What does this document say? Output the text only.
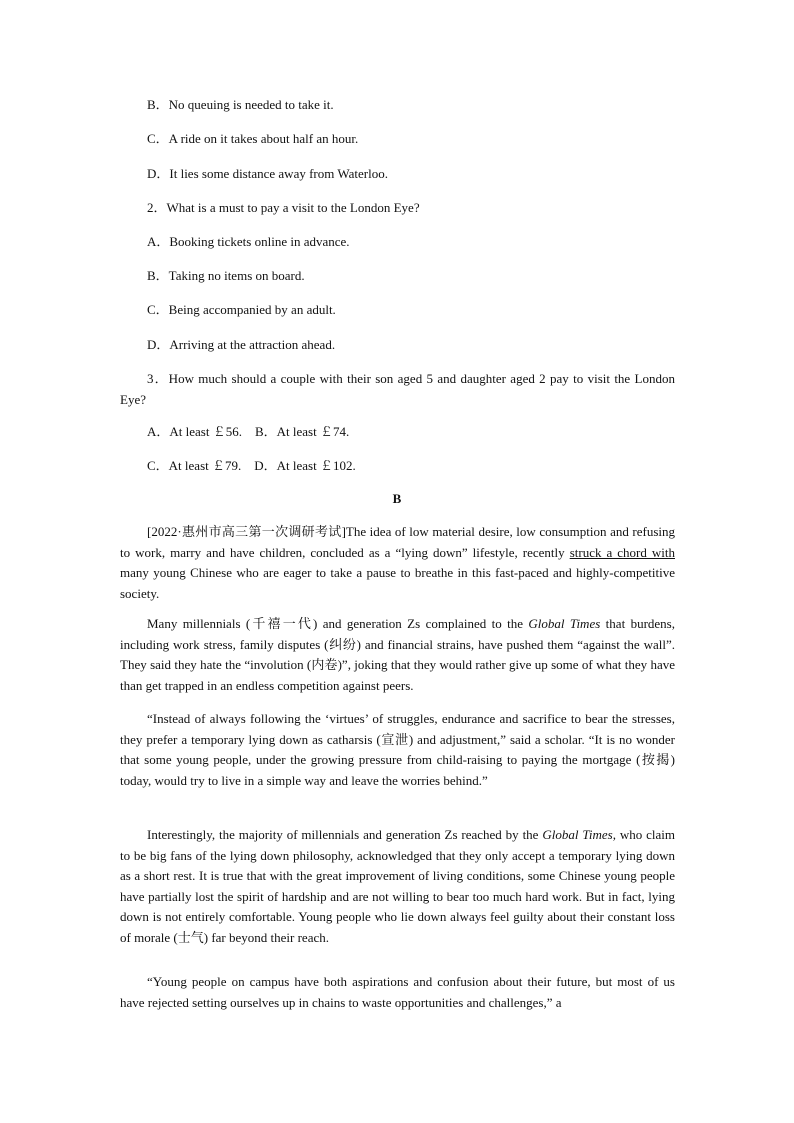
B．No queuing is needed to take it.
C．A ride on it takes about half an hour.
D．It lies some distance away from Waterloo.
2．What is a must to pay a visit to the London Eye?
A．Booking tickets online in advance.
B．Taking no items on board.
C．Being accompanied by an adult.
D．Arriving at the attraction ahead.
3．How much should a couple with their son aged 5 and daughter aged 2 pay to visit the London Eye?
A．At least ￡56.　B．At least ￡74.
C．At least ￡79.　D．At least ￡102.
B
[2022·惠州市高三第一次调研考试]The idea of low material desire, low consumption and refusing to work, marry and have children, concluded as a “lying down” lifestyle, recently struck a chord with many young Chinese who are eager to take a pause to breathe in this fast-paced and highly-competitive society.
Many millennials (千禧一代) and generation Zs complained to the Global Times that burdens, including work stress, family disputes (纠纷) and financial strains, have pushed them “against the wall”. They said they hate the “involution (内卷)”, joking that they would rather give up some of what they have than get trapped in an endless competition against peers.
“Instead of always following the ‘virtues’ of struggles, endurance and sacrifice to bear the stresses, they prefer a temporary lying down as catharsis (宣泄) and adjustment,” said a scholar. “It is no wonder that some young people, under the growing pressure from child-raising to paying the mortgage (按揭) today, would try to live in a simple way and leave the worries behind.”
Interestingly, the majority of millennials and generation Zs reached by the Global Times, who claim to be big fans of the lying down philosophy, acknowledged that they only accept a temporary lying down as a short rest. It is true that with the great improvement of living conditions, some Chinese young people have partially lost the spirit of hardship and are not willing to bear too much hard work. But in fact, lying down is not entirely comfortable. Young people who lie down always feel guilty about their constant loss of morale (士气) far beyond their reach.
“Young people on campus have both aspirations and confusion about their future, but most of us have rejected setting ourselves up in chains to waste opportunities and challenges,” a
